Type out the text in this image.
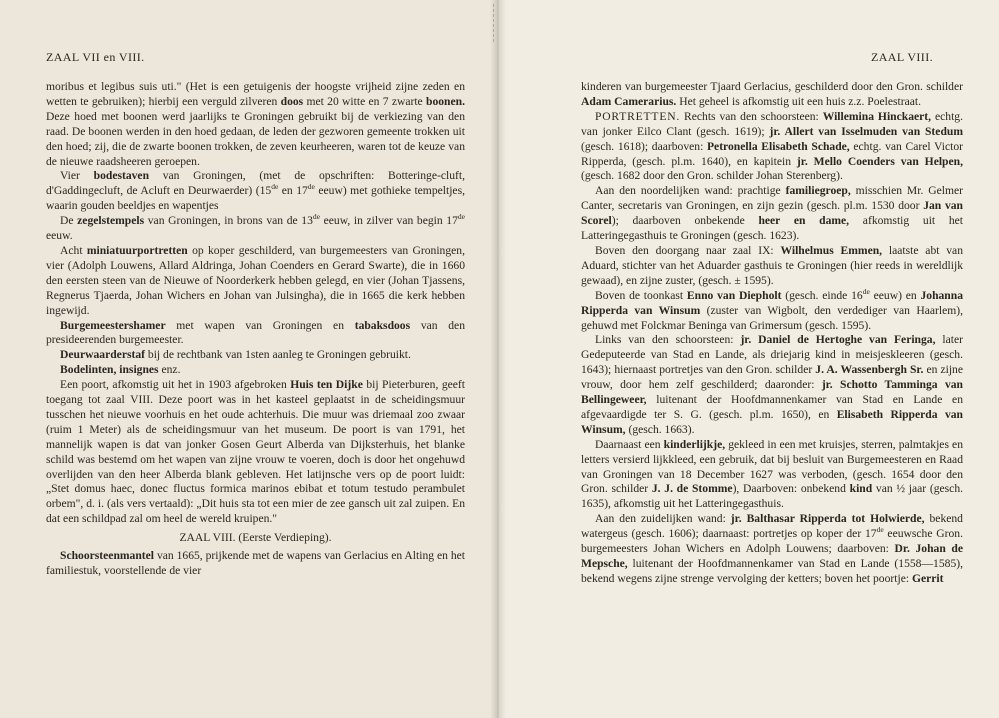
ZAAL VII en VIII.

moribus et legibus suis uti." (Het is een getuigenis der hoogste vrijheid zijne zeden en wetten te gebruiken); hierbij een verguld zilveren doos met 20 witte en 7 zwarte boonen. Deze hoed met boonen werd jaarlijks te Groningen gebruikt bij de verkiezing van den raad. De boonen werden in den hoed gedaan, de leden der gezworen gemeente trokken uit den hoed; zij, die de zwarte boonen trokken, de zeven keurheeren, waren tot de keuze van de nieuwe raadsheeren geroepen.

Vier bodestaven van Groningen, (met de opschriften: Botteringe-cluft, d'Gaddingecluft, de Acluft en Deurwaerder) (15de en 17de eeuw) met gothieke tempeltjes, waarin gouden beeldjes en wapentjes

De zegelstempels van Groningen, in brons van de 13de eeuw, in zilver van begin 17de eeuw.

Acht miniatuurportretten op koper geschilderd, van burgemeesters van Groningen, vier (Adolph Louwens, Allard Aldringa, Johan Coenders en Gerard Swarte), die in 1660 den eersten steen van de Nieuwe of Noorderkerk hebben gelegd, en vier (Johan Tjassens, Regnerus Tjaerda, Johan Wichers en Johan van Julsingha), die in 1665 die kerk hebben ingewijd.

Burgemeestershamer met wapen van Groningen en tabaksdoos van den presideerenden burgemeester.

Deurwaarderstaf bij de rechtbank van 1sten aanleg te Groningen gebruikt.

Bodelinten, insignes enz.

Een poort, afkomstig uit het in 1903 afgebroken Huis ten Dijke bij Pieterburen, geeft toegang tot zaal VIII. Deze poort was in het kasteel geplaatst in de scheidingsmuur tusschen het nieuwe voorhuis en het oude achterhuis. Die muur was driemaal zoo zwaar (ruim 1 Meter) als de scheidingsmuur van het museum. De poort is van 1791, het mannelijk wapen is dat van jonker Gosen Geurt Alberda van Dijksterhuis, het blanke schild was bestemd om het wapen van zijne vrouw te voeren, doch is door het ongehuwd overlijden van den heer Alberda blank gebleven. Het latijnsche vers op de poort luidt: „Stet domus haec, donec fluctus formica marinos ebibat et totum testudo perambulet orbem", d. i. (als vers vertaald): „Dit huis sta tot een mier de zee gansch uit zal zuipen. En dat een schildpad zal om heel de wereld kruipen."

ZAAL VIII. (Eerste Verdieping).

Schoorsteenmantel van 1665, prijkende met de wapens van Gerlacius en Alting en het familiestuk, voorstellende de vier

ZAAL VIII.

kinderen van burgemeester Tjaard Gerlacius, geschilderd door den Gron. schilder Adam Camerarius. Het geheel is afkomstig uit een huis z.z. Poelestraat.

PORTRETTEN. Rechts van den schoorsteen: Willemina Hinckaert, echtg. van jonker Eilco Clant (gesch. 1619); jr. Allert van Isselmuden van Stedum (gesch. 1618); daarboven: Petronella Elisabeth Schade, echtg. van Carel Victor Ripperda, (gesch. pl.m. 1640), en kapitein jr. Mello Coenders van Helpen, (gesch. 1682 door den Gron. schilder Johan Sterenberg).

Aan den noordelijken wand: prachtige familiegroep, misschien Mr. Gelmer Canter, secretaris van Groningen, en zijn gezin (gesch. pl.m. 1530 door Jan van Scorel); daarboven onbekende heer en dame, afkomstig uit het Latteringegasthuis te Groningen (gesch. 1623).

Boven den doorgang naar zaal IX: Wilhelmus Emmen, laatste abt van Aduard, stichter van het Aduarder gasthuis te Groningen (hier reeds in wereldlijk gewaad), en zijne zuster, (gesch. ± 1595).

Boven de toonkast Enno van Diepholt (gesch. einde 16de eeuw) en Johanna Ripperda van Winsum (zuster van Wigbolt, den verdediger van Haarlem), gehuwd met Folckmar Beninga van Grimersum (gesch. 1595).

Links van den schoorsteen: jr. Daniel de Hertoghe van Feringa, later Gedeputeerde van Stad en Lande, als driejarig kind in meisjeskleeren (gesch. 1643); hiernaast portretjes van den Gron. schilder J. A. Wassenbergh Sr. en zijne vrouw, door hem zelf geschilderd; daaronder: jr. Schotto Tamminga van Bellingeweer, luitenant der Hoofdmannenkamer van Stad en Lande en afgevaardigde ter S. G. (gesch. pl.m. 1650), en Elisabeth Ripperda van Winsum, (gesch. 1663).

Daarnaast een kinderlijkje, gekleed in een met kruisjes, sterren, palmtakjes en letters versierd lijkkleed, een gebruik, dat bij besluit van Burgemeesteren en Raad van Groningen van 18 December 1627 was verboden, (gesch. 1654 door den Gron. schilder J. J. de Stomme), Daarboven: onbekend kind van ½ jaar (gesch. 1635), afkomstig uit het Latteringegasthuis.

Aan den zuidelijken wand: jr. Balthasar Ripperda tot Holwierde, bekend watergeus (gesch. 1606); daarnaast: portretjes op koper der 17de eeuwsche Gron. burgemeesters Johan Wichers en Adolph Louwens; daarboven: Dr. Johan de Mepsche, luitenant der Hoofdmannenkamer van Stad en Lande (1558—1585), bekend wegens zijne strenge vervolging der ketters; boven het poortje: Gerrit
